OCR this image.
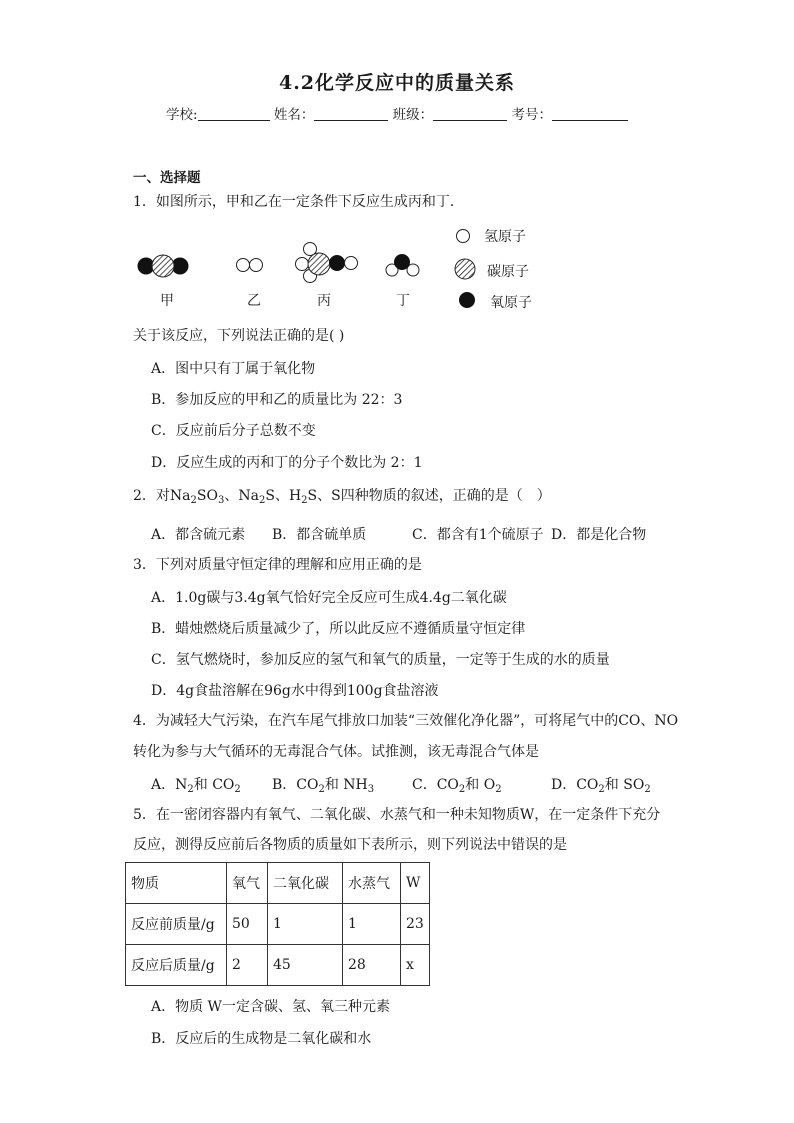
4.2化学反应中的质量关系
学校:	姓名：	班级：	考号：
一、选择题
1．如图所示，甲和乙在一定条件下反应生成丙和丁．
甲	乙	丙	丁
氢原子
碳原子
氧原子
关于该反应，下列说法正确的是( )
A．图中只有丁属于氧化物
B．参加反应的甲和乙的质量比为 22：3
C．反应前后分子总数不变
D．反应生成的丙和丁的分子个数比为 2：1
2．对$Na_2SO_3$、$Na_2S$、$H_2S$、S四种物质的叙述，正确的是（　）
A．都含硫元素 B．都含硫单质	C．都含有1个硫原子 D．都是化合物
3．下列对质量守恒定律的理解和应用正确的是
A．1.0g碳与3.4g氧气恰好完全反应可生成4.4g二氧化碳
B．蜡烛燃烧后质量减少了，所以此反应不遵循质量守恒定律
C．氢气燃烧时，参加反应的氢气和氧气的质量，一定等于生成的水的质量
D．4g食盐溶解在96g水中得到100g食盐溶液
4．为减轻大气污染，在汽车尾气排放口加装“三效催化净化器”，可将尾气中的CO、NO
转化为参与大气循环的无毒混合气体。试推测，该无毒混合气体是
A．$N_2$和 $CO_2$ B．$CO_2$和 $NH_3$	C．$CO_2$和 $O_2$	D．$CO_2$和 $SO_2$
5．在一密闭容器内有氧气、二氧化碳、水蒸气和一种未知物质W，在一定条件下充分
反应，测得反应前后各物质的质量如下表所示，则下列说法中错误的是
物质	氧气	二氧化碳	水蒸气	W
反应前质量/g	50	1	1	23
反应后质量/g	2	45	28	x
A．物质 W一定含碳、氢、氧三种元素
B．反应后的生成物是二氧化碳和水
